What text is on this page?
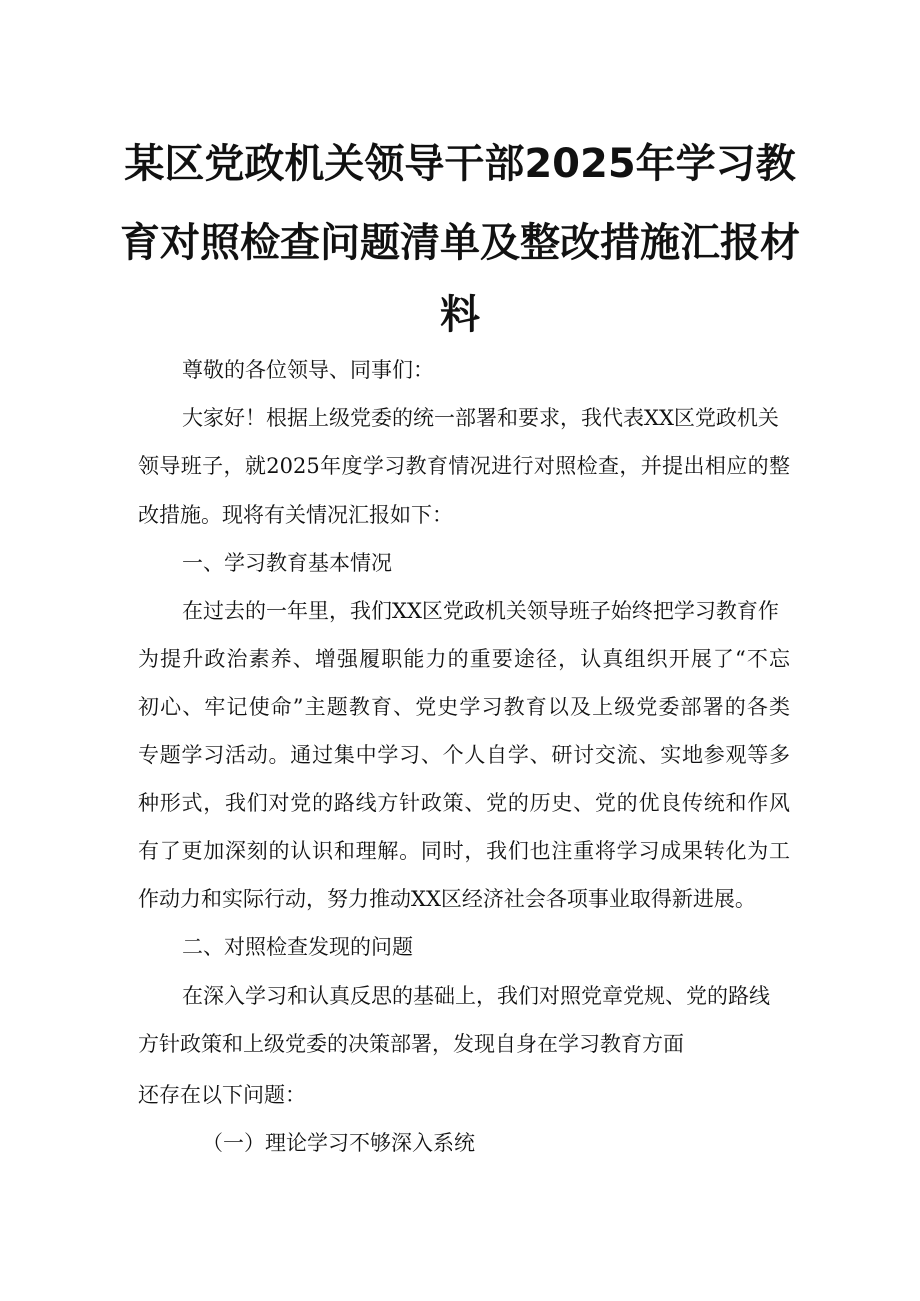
某区党政机关领导干部2025年学习教
育对照检查问题清单及整改措施汇报材
料
尊敬的各位领导、同事们：
大家好！根据上级党委的统一部署和要求，我代表XX区党政机关
领导班子，就2025年度学习教育情况进行对照检查，并提出相应的整
改措施。现将有关情况汇报如下：
一、学习教育基本情况
在过去的一年里，我们XX区党政机关领导班子始终把学习教育作
为提升政治素养、增强履职能力的重要途径，认真组织开展了“不忘
初心、牢记使命”主题教育、党史学习教育以及上级党委部署的各类
专题学习活动。通过集中学习、个人自学、研讨交流、实地参观等多
种形式，我们对党的路线方针政策、党的历史、党的优良传统和作风
有了更加深刻的认识和理解。同时，我们也注重将学习成果转化为工
作动力和实际行动，努力推动XX区经济社会各项事业取得新进展。
二、对照检查发现的问题
在深入学习和认真反思的基础上，我们对照党章党规、党的路线
方针政策和上级党委的决策部署，发现自身在学习教育方面
还存在以下问题：
（一）理论学习不够深入系统
